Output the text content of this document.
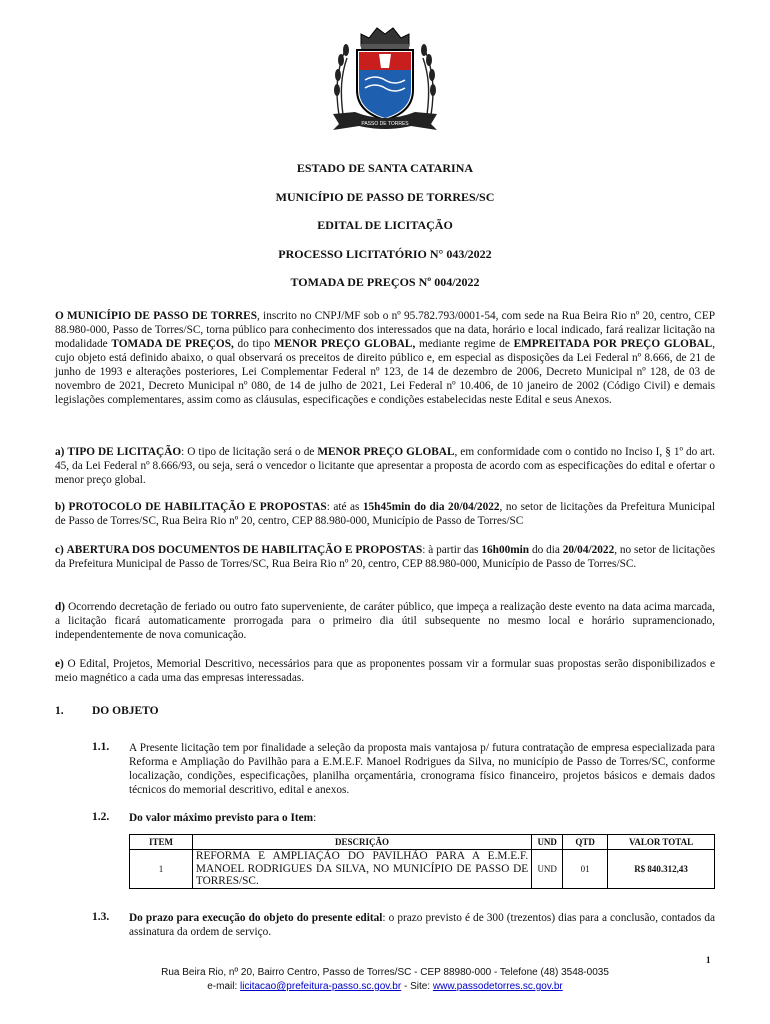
PASSO DE TORRES
ESTADO DE SANTA CATARINA
MUNICÍPIO DE PASSO DE TORRES/SC
EDITAL DE LICITAÇÃO
PROCESSO LICITATÓRIO N° 043/2022
TOMADA DE PREÇOS Nº 004/2022
O MUNICÍPIO DE PASSO DE TORRES, inscrito no CNPJ/MF sob o nº 95.782.793/0001-54, com sede na Rua Beira Rio nº 20, centro, CEP 88.980-000, Passo de Torres/SC, torna público para conhecimento dos interessados que na data, horário e local indicado, fará realizar licitação na modalidade TOMADA DE PREÇOS, do tipo MENOR PREÇO GLOBAL, mediante regime de EMPREITADA POR PREÇO GLOBAL, cujo objeto está definido abaixo, o qual observará os preceitos de direito público e, em especial as disposições da Lei Federal nº 8.666, de 21 de junho de 1993 e alterações posteriores, Lei Complementar Federal nº 123, de 14 de dezembro de 2006, Decreto Municipal nº 128, de 03 de novembro de 2021, Decreto Municipal nº 080, de 14 de julho de 2021, Lei Federal nº 10.406, de 10 janeiro de 2002 (Código Civil) e demais legislações complementares, assim como as cláusulas, especificações e condições estabelecidas neste Edital e seus Anexos.
a) TIPO DE LICITAÇÃO: O tipo de licitação será o de MENOR PREÇO GLOBAL, em conformidade com o contido no Inciso I, § 1º do art. 45, da Lei Federal nº 8.666/93, ou seja, será o vencedor o licitante que apresentar a proposta de acordo com as especificações do edital e ofertar o menor preço global.
b) PROTOCOLO DE HABILITAÇÃO E PROPOSTAS: até as 15h45min do dia 20/04/2022, no setor de licitações da Prefeitura Municipal de Passo de Torres/SC, Rua Beira Rio nº 20, centro, CEP 88.980-000, Município de Passo de Torres/SC
c) ABERTURA DOS DOCUMENTOS DE HABILITAÇÃO E PROPOSTAS: à partir das 16h00min do dia 20/04/2022, no setor de licitações da Prefeitura Municipal de Passo de Torres/SC, Rua Beira Rio nº 20, centro, CEP 88.980-000, Município de Passo de Torres/SC.
d) Ocorrendo decretação de feriado ou outro fato superveniente, de caráter público, que impeça a realização deste evento na data acima marcada, a licitação ficará automaticamente prorrogada para o primeiro dia útil subsequente no mesmo local e horário supramencionado, independentemente de nova comunicação.
e) O Edital, Projetos, Memorial Descritivo, necessários para que as proponentes possam vir a formular suas propostas serão disponibilizados e meio magnético a cada uma das empresas interessadas.
1. DO OBJETO
1.1. A Presente licitação tem por finalidade a seleção da proposta mais vantajosa p/ futura contratação de empresa especializada para Reforma e Ampliação do Pavilhão para a E.M.E.F. Manoel Rodrigues da Silva, no município de Passo de Torres/SC, conforme localização, condições, especificações, planilha orçamentária, cronograma físico financeiro, projetos básicos e demais dados técnicos do memorial descritivo, edital e anexos.
1.2. Do valor máximo previsto para o Item:
ITEM	DESCRIÇÃO	UND	QTD	VALOR TOTAL
1	REFORMA E AMPLIAÇÃO DO PAVILHÃO PARA A E.M.E.F. MANOEL RODRIGUES DA SILVA, NO MUNICÍPIO DE PASSO DE TORRES/SC.	UND	01	R$ 840.312,43
1.3. Do prazo para execução do objeto do presente edital: o prazo previsto é de 300 (trezentos) dias para a conclusão, contados da assinatura da ordem de serviço.
1
Rua Beira Rio, nº 20, Bairro Centro, Passo de Torres/SC - CEP 88980-000 - Telefone (48) 3548-0035
e-mail: licitacao@prefeitura-passo.sc.gov.br - Site: www.passodetorres.sc.gov.br
